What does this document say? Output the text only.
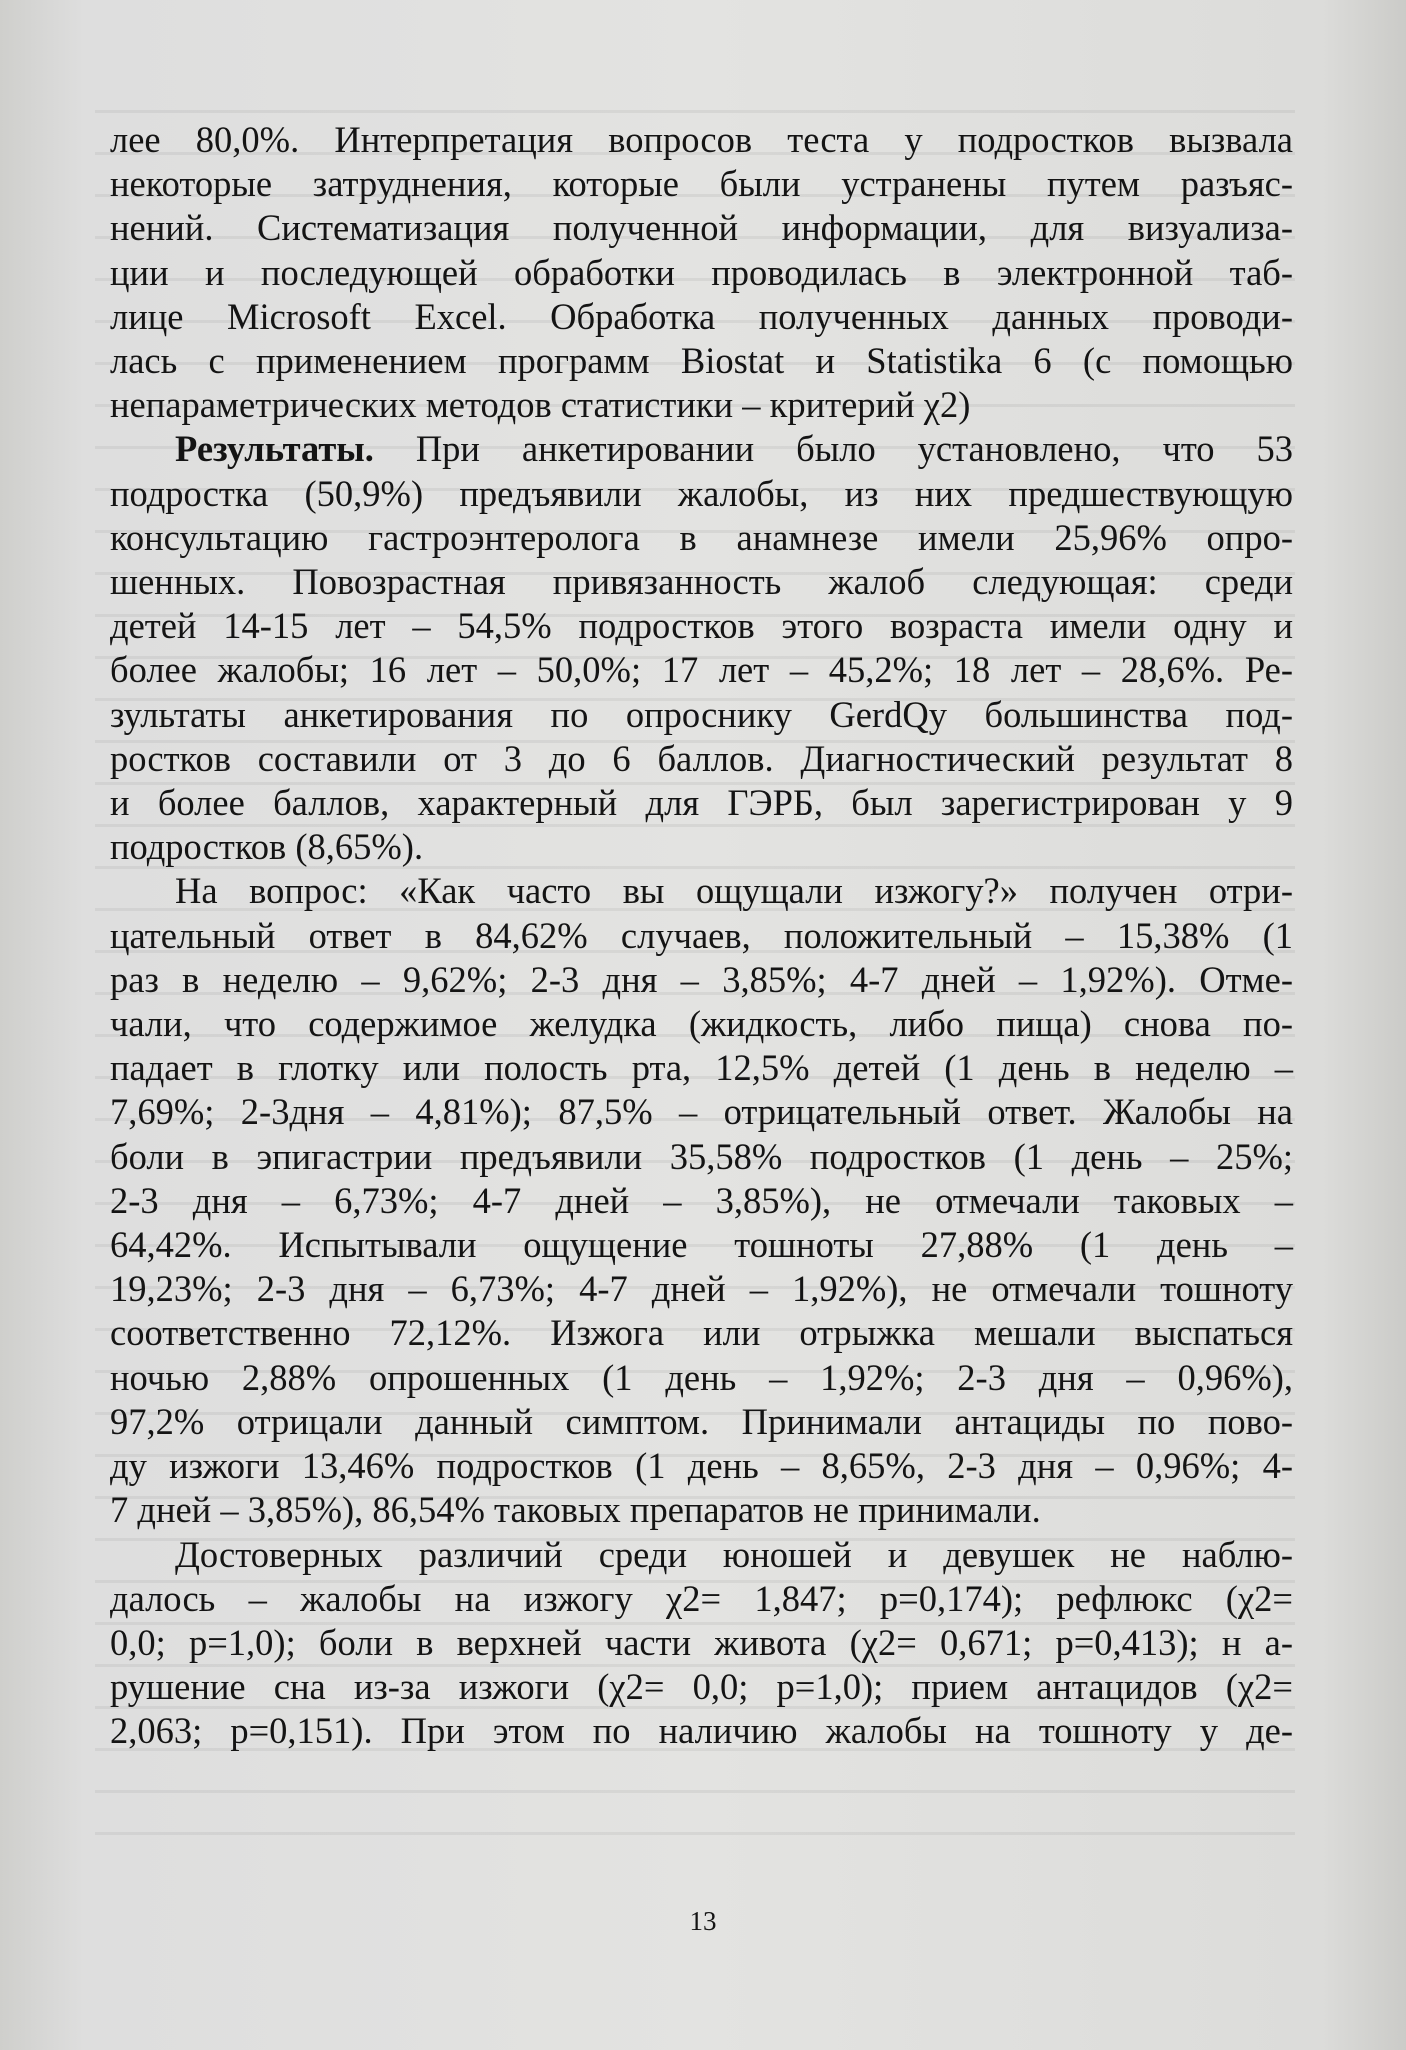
лее 80,0%. Интерпретация вопросов теста у подростков вызвала
некоторые затруднения, которые были устранены путем разъяс-
нений. Систематизация полученной информации, для визуализа-
ции и последующей обработки проводилась в электронной таб-
лице Microsoft Excel. Обработка полученных данных проводи-
лась с применением программ Biostat и Statistika 6 (с помощью
непараметрических методов статистики – критерий χ2)

Результаты. При анкетировании было установлено, что 53
подростка (50,9%) предъявили жалобы, из них предшествующую
консультацию гастроэнтеролога в анамнезе имели 25,96% опро-
шенных. Повозрастная привязанность жалоб следующая: среди
детей 14-15 лет – 54,5% подростков этого возраста имели одну и
более жалобы; 16 лет – 50,0%; 17 лет – 45,2%; 18 лет – 28,6%. Ре-
зультаты анкетирования по опроснику GerdQy большинства под-
ростков составили от 3 до 6 баллов. Диагностический результат 8
и более баллов, характерный для ГЭРБ, был зарегистрирован у 9
подростков (8,65%).

На вопрос: «Как часто вы ощущали изжогу?» получен отри-
цательный ответ в 84,62% случаев, положительный – 15,38% (1
раз в неделю – 9,62%; 2-3 дня – 3,85%; 4-7 дней – 1,92%). Отме-
чали, что содержимое желудка (жидкость, либо пища) снова по-
падает в глотку или полость рта, 12,5% детей (1 день в неделю –
7,69%; 2-3дня – 4,81%); 87,5% – отрицательный ответ. Жалобы на
боли в эпигастрии предъявили 35,58% подростков (1 день – 25%;
2-3 дня – 6,73%; 4-7 дней – 3,85%), не отмечали таковых –
64,42%. Испытывали ощущение тошноты 27,88% (1 день –
19,23%; 2-3 дня – 6,73%; 4-7 дней – 1,92%), не отмечали тошноту
соответственно 72,12%. Изжога или отрыжка мешали выспаться
ночью 2,88% опрошенных (1 день – 1,92%; 2-3 дня – 0,96%),
97,2% отрицали данный симптом. Принимали антациды по пово-
ду изжоги 13,46% подростков (1 день – 8,65%, 2-3 дня – 0,96%; 4-
7 дней – 3,85%), 86,54% таковых препаратов не принимали.

Достоверных различий среди юношей и девушек не наблю-
далось – жалобы на изжогу χ2= 1,847; p=0,174); рефлюкс (χ2=
0,0; p=1,0); боли в верхней части живота (χ2= 0,671; p=0,413); н а-
рушение сна из-за изжоги (χ2= 0,0; p=1,0); прием антацидов (χ2=
2,063; p=0,151). При этом по наличию жалобы на тошноту у де-

13
